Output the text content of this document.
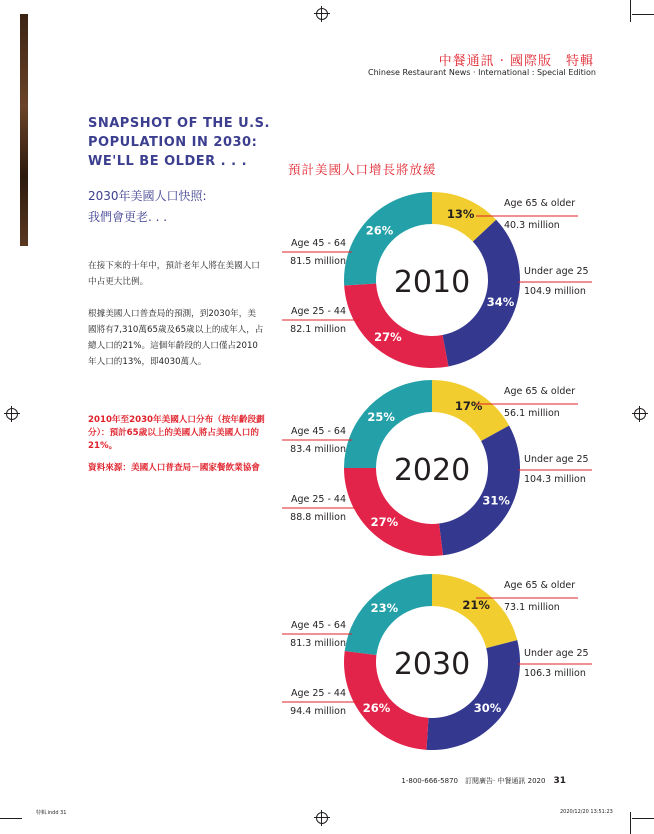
中餐通訊 · 國際版　特輯
Chinese Restaurant News · International : Special Edition
SNAPSHOT OF THE U.S.
POPULATION IN 2030:
WE'LL BE OLDER . . .
2030年美國人口快照:
我們會更老. . .
在接下來的十年中，預計老年人將在美國人口中占更大比例。
根據美國人口普查局的預測，到2030年，美國將有7,310萬65歲及65歲以上的成年人，占總人口的21%。這個年齡段的人口僅占2010年人口的13%，即4030萬人。
2010年至2030年美國人口分布（按年齡段劃分）：預計65歲以上的美國人將占美國人口的21%。
資料來源：美國人口普查局－國家餐飲業協會
預計美國人口增長將放緩
13%
34%
27%
26%
2010
Age 65 & older
40.3 million
Under age 25
104.9 million
Age 25 - 44
82.1 million
Age 45 - 64
81.5 million
17%
31%
27%
25%
2020
Age 65 & older
56.1 million
Under age 25
104.3 million
Age 25 - 44
88.8 million
Age 45 - 64
83.4 million
21%
30%
26%
23%
2030
Age 65 & older
73.1 million
Under age 25
106.3 million
Age 25 - 44
94.4 million
Age 45 - 64
81.3 million
1-800-666-5870　訂閱廣告· 中餐通訊 2020 31
特輯.indd 31	2020/12/20 13:51:23
